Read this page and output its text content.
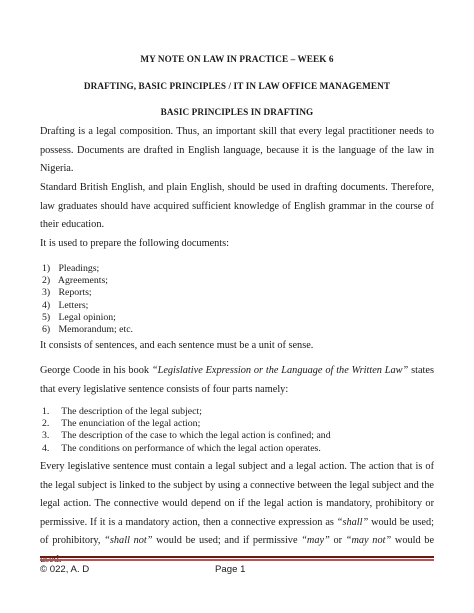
MY NOTE ON LAW IN PRACTICE – WEEK 6
DRAFTING, BASIC PRINCIPLES / IT IN LAW OFFICE MANAGEMENT
BASIC PRINCIPLES IN DRAFTING

Drafting is a legal composition. Thus, an important skill that every legal practitioner needs to possess. Documents are drafted in English language, because it is the language of the law in Nigeria.

Standard British English, and plain English, should be used in drafting documents. Therefore, law graduates should have acquired sufficient knowledge of English grammar in the course of their education.

It is used to prepare the following documents:

1) Pleadings;
2) Agreements;
3) Reports;
4) Letters;
5) Legal opinion;
6) Memorandum; etc.

It consists of sentences, and each sentence must be a unit of sense.

George Coode in his book “Legislative Expression or the Language of the Written Law” states that every legislative sentence consists of four parts namely:

1. The description of the legal subject;
2. The enunciation of the legal action;
3. The description of the case to which the legal action is confined; and
4. The conditions on performance of which the legal action operates.

Every legislative sentence must contain a legal subject and a legal action. The action that is of the legal subject is linked to the subject by using a connective between the legal subject and the legal action. The connective would depend on if the legal action is mandatory, prohibitory or permissive. If it is a mandatory action, then a connective expression as “shall” would be used; of prohibitory, “shall not” would be used; and if permissive “may” or “may not” would be

© 022, A. D	Page 1
